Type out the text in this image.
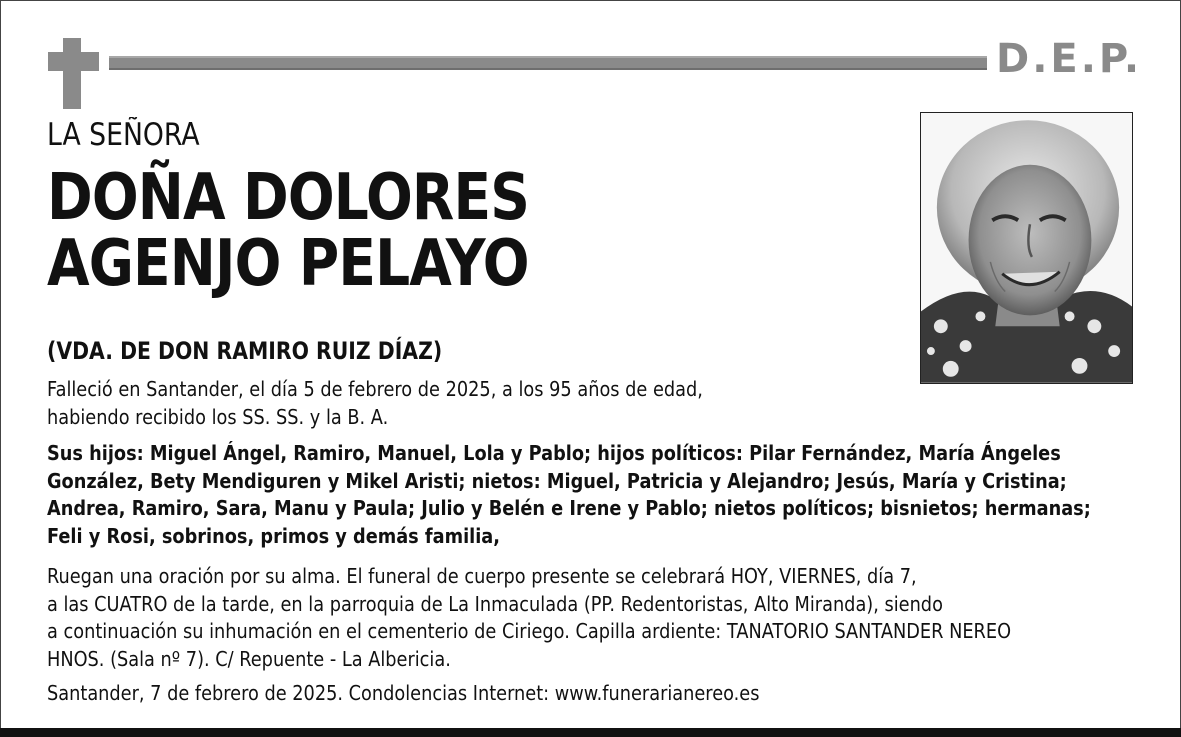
D.E.P.
LA SEÑORA
DOÑA DOLORES
AGENJO PELAYO
(VDA. DE DON RAMIRO RUIZ DÍAZ)
Falleció en Santander, el día 5 de febrero de 2025, a los 95 años de edad,
habiendo recibido los SS. SS. y la B. A.
Sus hijos: Miguel Ángel, Ramiro, Manuel, Lola y Pablo; hijos políticos: Pilar Fernández, María Ángeles
González, Bety Mendiguren y Mikel Aristi; nietos: Miguel, Patricia y Alejandro; Jesús, María y Cristina;
Andrea, Ramiro, Sara, Manu y Paula; Julio y Belén e Irene y Pablo; nietos políticos; bisnietos; hermanas;
Feli y Rosi, sobrinos, primos y demás familia,
Ruegan una oración por su alma. El funeral de cuerpo presente se celebrará HOY, VIERNES, día 7,
a las CUATRO de la tarde, en la parroquia de La Inmaculada (PP. Redentoristas, Alto Miranda), siendo
a continuación su inhumación en el cementerio de Ciriego. Capilla ardiente: TANATORIO SANTANDER NEREO
HNOS. (Sala nº 7). C/ Repuente - La Albericia.
Santander, 7 de febrero de 2025. Condolencias Internet: www.funerarianereo.es
